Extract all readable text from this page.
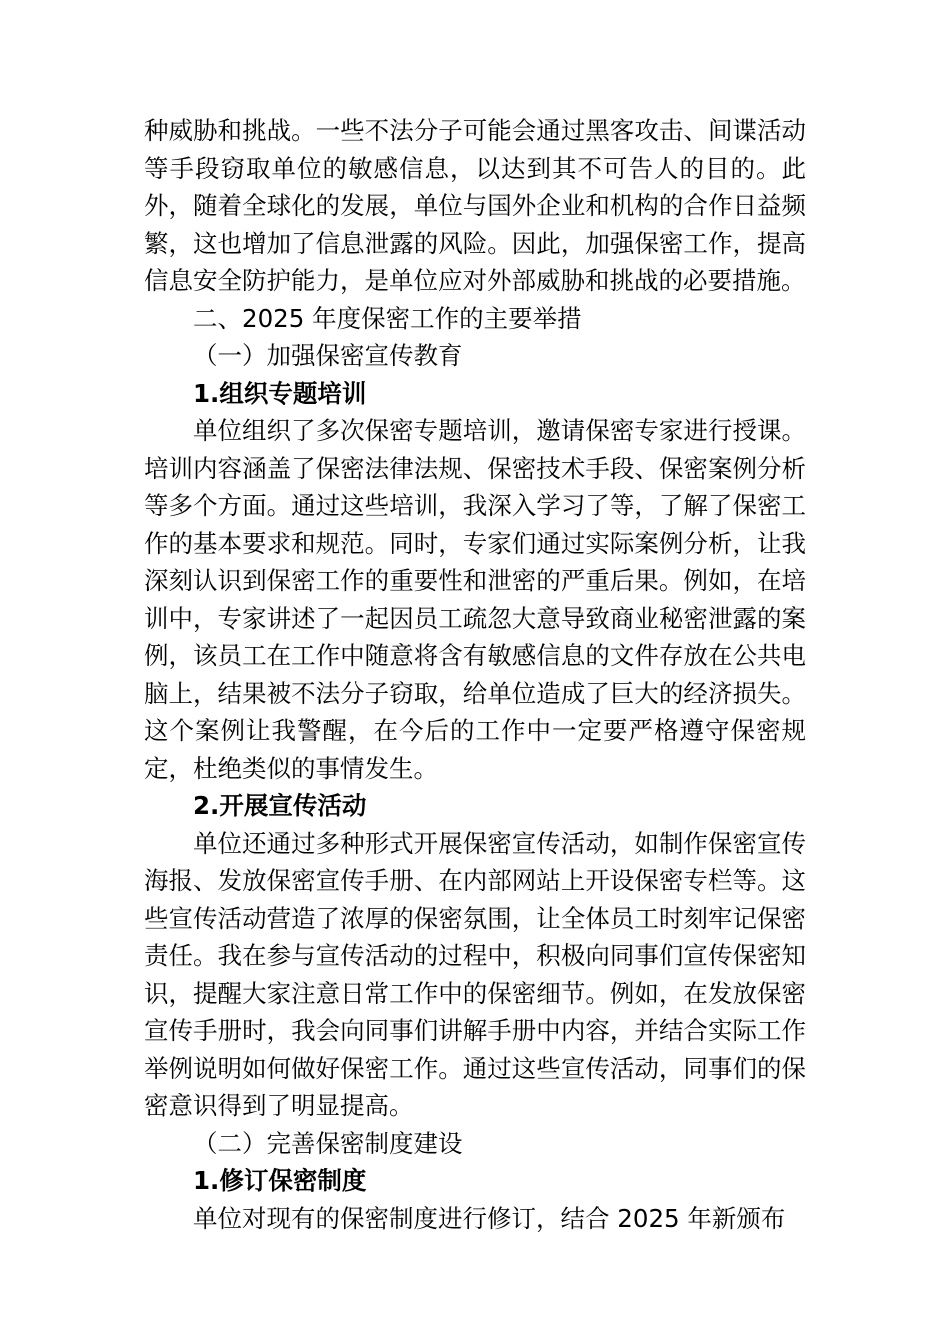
种威胁和挑战。一些不法分子可能会通过黑客攻击、间谍活动等手段窃取单位的敏感信息，以达到其不可告人的目的。此外，随着全球化的发展，单位与国外企业和机构的合作日益频繁，这也增加了信息泄露的风险。因此，加强保密工作，提高信息安全防护能力，是单位应对外部威胁和挑战的必要措施。

二、2025 年度保密工作的主要举措

（一）加强保密宣传教育

1.组织专题培训

单位组织了多次保密专题培训，邀请保密专家进行授课。培训内容涵盖了保密法律法规、保密技术手段、保密案例分析等多个方面。通过这些培训，我深入学习了等，了解了保密工作的基本要求和规范。同时，专家们通过实际案例分析，让我深刻认识到保密工作的重要性和泄密的严重后果。例如，在培训中，专家讲述了一起因员工疏忽大意导致商业秘密泄露的案例，该员工在工作中随意将含有敏感信息的文件存放在公共电脑上，结果被不法分子窃取，给单位造成了巨大的经济损失。这个案例让我警醒，在今后的工作中一定要严格遵守保密规定，杜绝类似的事情发生。

2.开展宣传活动

单位还通过多种形式开展保密宣传活动，如制作保密宣传海报、发放保密宣传手册、在内部网站上开设保密专栏等。这些宣传活动营造了浓厚的保密氛围，让全体员工时刻牢记保密责任。我在参与宣传活动的过程中，积极向同事们宣传保密知识，提醒大家注意日常工作中的保密细节。例如，在发放保密宣传手册时，我会向同事们讲解手册中内容，并结合实际工作举例说明如何做好保密工作。通过这些宣传活动，同事们的保密意识得到了明显提高。

（二）完善保密制度建设

1.修订保密制度

单位对现有的保密制度进行修订，结合 2025 年新颁布
